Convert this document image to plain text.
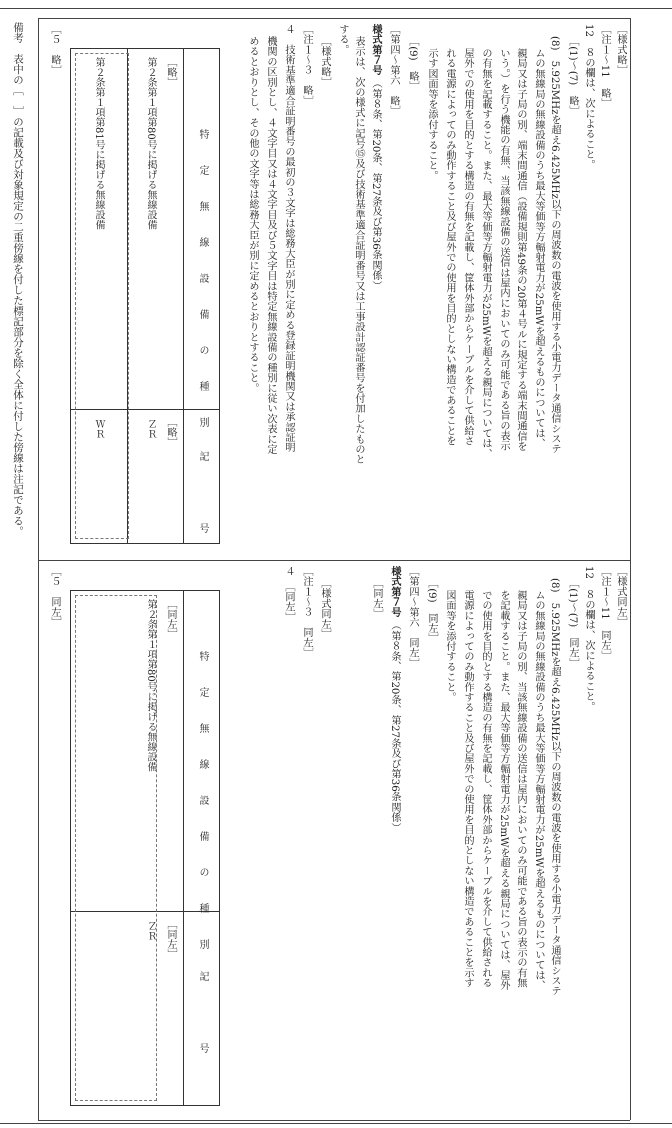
備考　表中の［　］の記載及び対象規定の二重傍線を付した標記部分を除く全体に付した傍線は注記である。	［様式略］
［注１～11　略］
12　８の欄は、次によること。
［(1)～(7)　略］
(8)　5.925MHzを超え6.425MHz以下の周波数の電波を使用する小電力データ通信システ
ムの無線局の無線設備のうち最大等価等方輻射電力が25mWを超えるものについては、
親局又は子局の別、端末間通信（設備規則第49条の20第４号ルに規定する端末間通信を
いう。）を行う機能の有無、当該無線設備の送信は屋内においてのみ可能である旨の表示
の有無を記載すること。また、最大等価等方輻射電力が25mWを超える親局については、
屋外での使用を目的とする構造の有無を記載し、筐体外部からケーブルを介して供給さ
れる電源によってのみ動作すること及び屋外での使用を目的としない構造であることを
示す図面等を添付すること。
［(9)　略］
［第四～第六　略］
様式第７号 （第８条、第20条、第27条及び第36条関係）
表示は、次の様式に記号⑮及び技術基準適合証明番号又は工事設計認証番号を付加したものと
する。
［様式略］
［注１～３　略］
４　技術基準適合証明番号の最初の３文字は総務大臣が別に定める登録証明機関又は承認証明
機関の区別とし、４文字目又は４文字目及び５文字目は特定無線設備の種別に従い次表に定
めるとおりとし、その他の文字等は総務大臣が別に定めるとおりとすること。
特　定　無　線　設　備　の　種　別
記　　　号
［略］
［略］
第２条第１項第80号に掲げる無線設備
ＺＲ
第２条第１項第81号に掲げる無線設備
ＷＲ
［５　略］
［様式同左］
［注１～11　同左］
12　８の欄は、次によること。
［(1)～(7)　同左］
(8)　5.925MHzを超え6.425MHz以下の周波数の電波を使用する小電力データ通信システ
ムの無線局の無線設備のうち最大等価等方輻射電力が25mWを超えるものについては、
親局又は子局の別、当該無線設備の送信は屋内においてのみ可能である旨の表示の有無
を記載すること。また、最大等価等方輻射電力が25mWを超える親局については、屋外
での使用を目的とする構造の有無を記載し、筐体外部からケーブルを介して供給される
電源によってのみ動作すること及び屋外での使用を目的としない構造であることを示す
図面等を添付すること。
［(9)　同左］
［第四～第六　同左］
様式第７号 （第８条、第20条、第27条及び第36条関係）
［同左］
［様式同左］
［注１～３　同左］
４　［同左］
特　定　無　線　設　備　の　種　別
記　　　号
［同左］
［同左］
第２条第１項第80号に掲げる無線設備
ＺＲ
［５　同左］
